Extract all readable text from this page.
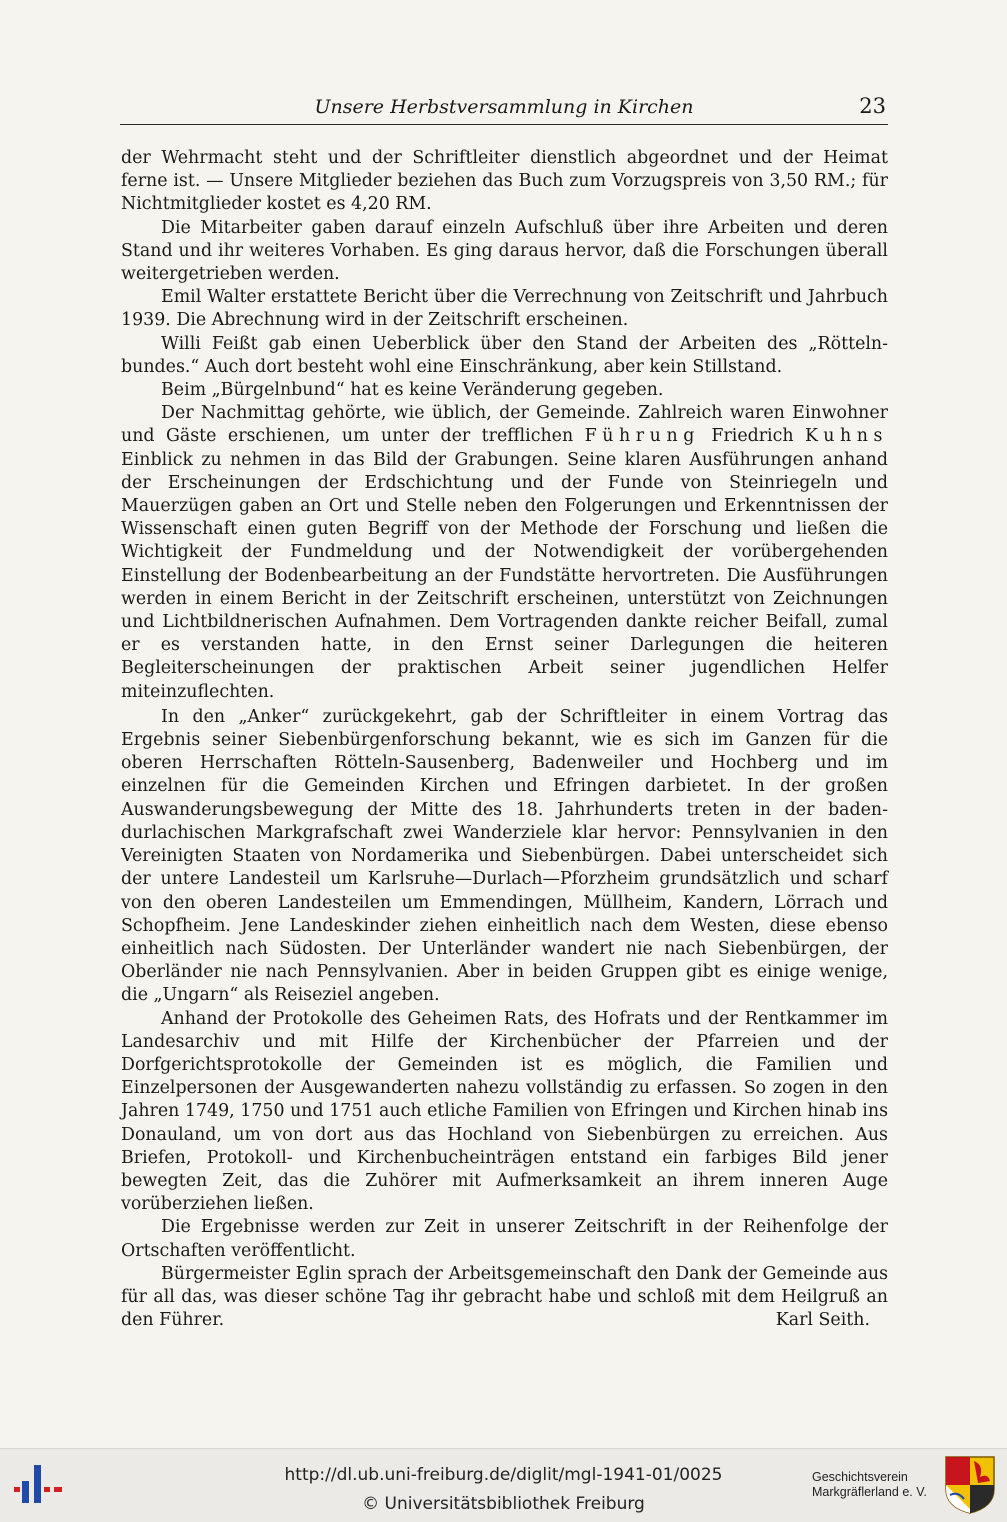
Unsere Herbstversammlung in Kirchen	23

der Wehrmacht steht und der Schriftleiter dienstlich abgeordnet und der Heimat ferne ist. — Unsere Mitglieder beziehen das Buch zum Vorzugspreis von 3,50 RM.; für Nichtmitglieder kostet es 4,20 RM.

Die Mitarbeiter gaben darauf einzeln Aufschluß über ihre Arbeiten und deren Stand und ihr weiteres Vorhaben. Es ging daraus hervor, daß die Forschungen überall weitergetrieben werden.

Emil Walter erstattete Bericht über die Verrechnung von Zeitschrift und Jahrbuch 1939. Die Abrechnung wird in der Zeitschrift erscheinen.

Willi Feißt gab einen Ueberblick über den Stand der Arbeiten des „Rötteln-bundes.“ Auch dort besteht wohl eine Einschränkung, aber kein Stillstand.

Beim „Bürgelnbund“ hat es keine Veränderung gegeben.

Der Nachmittag gehörte, wie üblich, der Gemeinde. Zahlreich waren Einwohner und Gäste erschienen, um unter der trefflichen Führung Friedrich Kuhns Einblick zu nehmen in das Bild der Grabungen. Seine klaren Ausführungen anhand der Erscheinungen der Erdschichtung und der Funde von Steinriegeln und Mauerzügen gaben an Ort und Stelle neben den Folgerungen und Erkenntnissen der Wissenschaft einen guten Begriff von der Methode der Forschung und ließen die Wichtigkeit der Fundmeldung und der Notwendigkeit der vorübergehenden Einstellung der Bodenbearbeitung an der Fundstätte hervortreten. Die Ausführungen werden in einem Bericht in der Zeitschrift erscheinen, unterstützt von Zeichnungen und Lichtbildnerischen Aufnahmen. Dem Vortragenden dankte reicher Beifall, zumal er es verstanden hatte, in den Ernst seiner Darlegungen die heiteren Begleiterscheinungen der praktischen Arbeit seiner jugendlichen Helfer miteinzuflechten.

In den „Anker“ zurückgekehrt, gab der Schriftleiter in einem Vortrag das Ergebnis seiner Siebenbürgenforschung bekannt, wie es sich im Ganzen für die oberen Herrschaften Rötteln-Sausenberg, Badenweiler und Hochberg und im einzelnen für die Gemeinden Kirchen und Efringen darbietet. In der großen Auswanderungsbewegung der Mitte des 18. Jahrhunderts treten in der baden-durlachischen Markgrafschaft zwei Wanderziele klar hervor: Pennsylvanien in den Vereinigten Staaten von Nordamerika und Siebenbürgen. Dabei unterscheidet sich der untere Landesteil um Karlsruhe—Durlach—Pforzheim grundsätzlich und scharf von den oberen Landesteilen um Emmendingen, Müllheim, Kandern, Lörrach und Schopfheim. Jene Landeskinder ziehen einheitlich nach dem Westen, diese ebenso einheitlich nach Südosten. Der Unterländer wandert nie nach Siebenbürgen, der Oberländer nie nach Pennsylvanien. Aber in beiden Gruppen gibt es einige wenige, die „Ungarn“ als Reiseziel angeben.

Anhand der Protokolle des Geheimen Rats, des Hofrats und der Rentkammer im Landesarchiv und mit Hilfe der Kirchenbücher der Pfarreien und der Dorfgerichtsprotokolle der Gemeinden ist es möglich, die Familien und Einzelpersonen der Ausgewanderten nahezu vollständig zu erfassen. So zogen in den Jahren 1749, 1750 und 1751 auch etliche Familien von Efringen und Kirchen hinab ins Donauland, um von dort aus das Hochland von Siebenbürgen zu erreichen. Aus Briefen, Protokoll- und Kirchenbucheinträgen entstand ein farbiges Bild jener bewegten Zeit, das die Zuhörer mit Aufmerksamkeit an ihrem inneren Auge vorüberziehen ließen.

Die Ergebnisse werden zur Zeit in unserer Zeitschrift in der Reihenfolge der Ortschaften veröffentlicht.

Bürgermeister Eglin sprach der Arbeitsgemeinschaft den Dank der Gemeinde aus für all das, was dieser schöne Tag ihr gebracht habe und schloß mit dem Heilgruß an den Führer.	Karl Seith.

http://dl.ub.uni-freiburg.de/diglit/mgl-1941-01/0025
© Universitätsbibliothek Freiburg
Geschichtsverein
Markgräflerland e. V.
